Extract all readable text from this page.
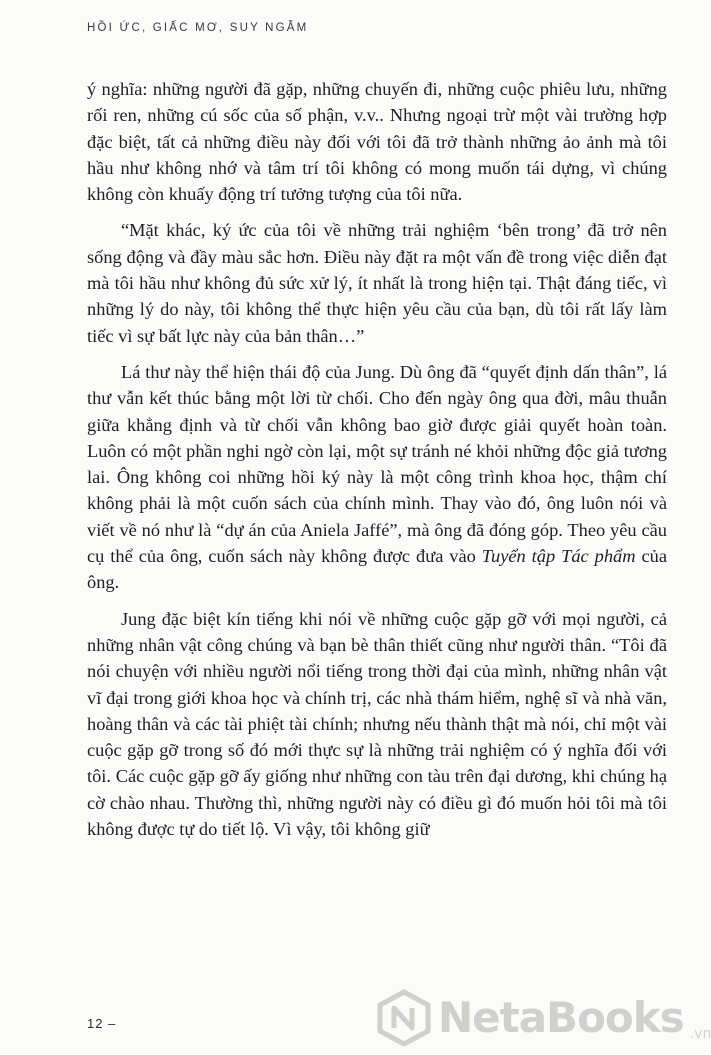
HỒI ỨC, GIẤC MƠ, SUY NGẪM

ý nghĩa: những người đã gặp, những chuyến đi, những cuộc phiêu lưu, những rối ren, những cú sốc của số phận, v.v.. Nhưng ngoại trừ một vài trường hợp đặc biệt, tất cả những điều này đối với tôi đã trở thành những ảo ảnh mà tôi hầu như không nhớ và tâm trí tôi không có mong muốn tái dựng, vì chúng không còn khuấy động trí tưởng tượng của tôi nữa.

“Mặt khác, ký ức của tôi về những trải nghiệm ‘bên trong’ đã trở nên sống động và đầy màu sắc hơn. Điều này đặt ra một vấn đề trong việc diễn đạt mà tôi hầu như không đủ sức xử lý, ít nhất là trong hiện tại. Thật đáng tiếc, vì những lý do này, tôi không thể thực hiện yêu cầu của bạn, dù tôi rất lấy làm tiếc vì sự bất lực này của bản thân…”

Lá thư này thể hiện thái độ của Jung. Dù ông đã “quyết định dấn thân”, lá thư vẫn kết thúc bằng một lời từ chối. Cho đến ngày ông qua đời, mâu thuẫn giữa khẳng định và từ chối vẫn không bao giờ được giải quyết hoàn toàn. Luôn có một phần nghi ngờ còn lại, một sự tránh né khỏi những độc giả tương lai. Ông không coi những hồi ký này là một công trình khoa học, thậm chí không phải là một cuốn sách của chính mình. Thay vào đó, ông luôn nói và viết về nó như là “dự án của Aniela Jaffé”, mà ông đã đóng góp. Theo yêu cầu cụ thể của ông, cuốn sách này không được đưa vào Tuyển tập Tác phẩm của ông.

Jung đặc biệt kín tiếng khi nói về những cuộc gặp gỡ với mọi người, cả những nhân vật công chúng và bạn bè thân thiết cũng như người thân. “Tôi đã nói chuyện với nhiều người nổi tiếng trong thời đại của mình, những nhân vật vĩ đại trong giới khoa học và chính trị, các nhà thám hiểm, nghệ sĩ và nhà văn, hoàng thân và các tài phiệt tài chính; nhưng nếu thành thật mà nói, chỉ một vài cuộc gặp gỡ trong số đó mới thực sự là những trải nghiệm có ý nghĩa đối với tôi. Các cuộc gặp gỡ ấy giống như những con tàu trên đại dương, khi chúng hạ cờ chào nhau. Thường thì, những người này có điều gì đó muốn hỏi tôi mà tôi không được tự do tiết lộ. Vì vậy, tôi không giữ

12 –	NetaBooks .vn
